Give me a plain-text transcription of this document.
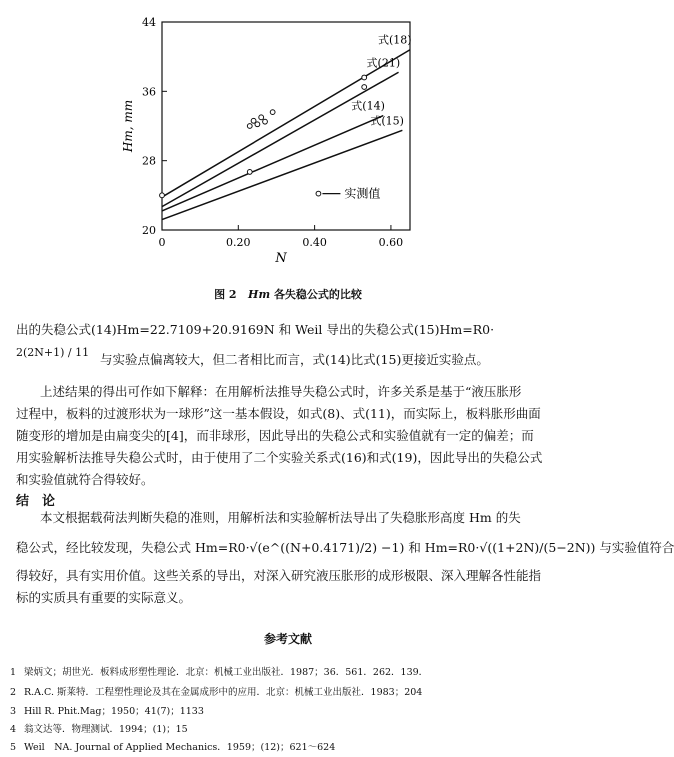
20
28
36
44
0	0.20	0.40	0.60
Hm, mm
N
式(18)
式(21)
式(14)
式(15)
实测值
图 2 Hm 各失稳公式的比较
出的失稳公式(14)Hm=22.7109+20.9169N 和 Weil 导出的失稳公式(15)Hm=R0·
2(2N+1) / 11 与实验点偏离较大，但二者相比而言，式(14)比式(15)更接近实验点。
上述结果的得出可作如下解释：在用解析法推导失稳公式时，许多关系是基于“液压胀形
过程中，板料的过渡形状为一球形”这一基本假设，如式(8)、式(11)，而实际上，板料胀形曲面
随变形的增加是由扁变尖的[4]，而非球形，因此导出的失稳公式和实验值就有一定的偏差；而
用实验解析法推导失稳公式时，由于使用了二个实验关系式(16)和式(19)，因此导出的失稳公式
和实验值就符合得较好。
结　论
本文根据载荷法判断失稳的准则，用解析法和实验解析法导出了失稳胀形高度 Hm 的失
稳公式，经比较发现，失稳公式 Hm=R0·√(e^((N+0.4171)/2) −1) 和 Hm=R0·√((1+2N)/(5−2N)) 与实验值符合
得较好，具有实用价值。这些关系的导出，对深入研究液压胀形的成形极限、深入理解各性能指
标的实质具有重要的实际意义。
参考文献
1 梁炳文；胡世光．板料成形塑性理论．北京：机械工业出版社．1987；36．561．262．139．
2 R.A.C. 斯莱特．工程塑性理论及其在金属成形中的应用．北京：机械工业出版社．1983；204
3 Hill R. Phit.Mag；1950；41(7)；1133
4 翁文达等．物理测试．1994；(1)；15
5 Weil　NA. Journal of Applied Mechanics．1959；(12)；621～624
